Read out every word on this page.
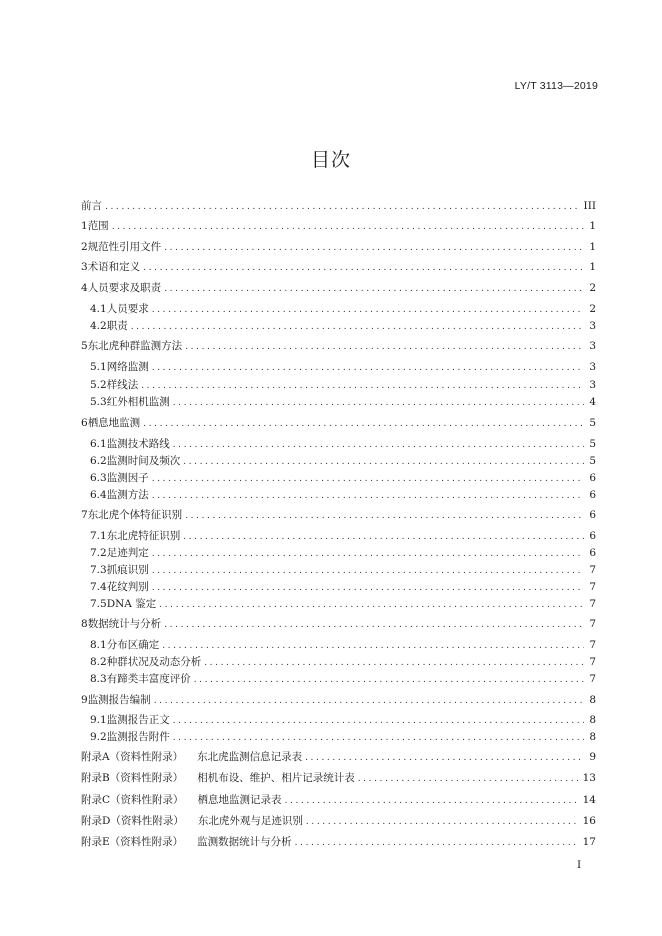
LY/T 3113—2019
目次
前言 .....	III
1 范围 .....	1
2 规范性引用文件 .....	1
3 术语和定义 .....	1
4 人员要求及职责 .....	2
4.1 人员要求 .....	2
4.2 职责 .....	3
5 东北虎种群监测方法 .....	3
5.1 网络监测 .....	3
5.2 样线法 .....	3
5.3 红外相机监测 .....	4
6 栖息地监测 .....	5
6.1 监测技术路线 .....	5
6.2 监测时间及频次 .....	5
6.3 监测因子 .....	6
6.4 监测方法 .....	6
7 东北虎个体特征识别 .....	6
7.1 东北虎特征识别 .....	6
7.2 足迹判定 .....	6
7.3 抓痕识别 .....	7
7.4 花纹判别 .....	7
7.5 DNA 鉴定 .....	7
8 数据统计与分析 .....	7
8.1 分布区确定 .....	7
8.2 种群状况及动态分析 .....	7
8.3 有蹄类丰富度评价 .....	7
9 监测报告编制 .....	8
9.1 监测报告正文 .....	8
9.2 监测报告附件 .....	8
附录A（资料性附录） 东北虎监测信息记录表 .....	9
附录B（资料性附录） 相机布设、维护、相片记录统计表 .....	13
附录C（资料性附录） 栖息地监测记录表 .....	14
附录D（资料性附录） 东北虎外观与足迹识别 .....	16
附录E（资料性附录） 监测数据统计与分析 .....	17
I
